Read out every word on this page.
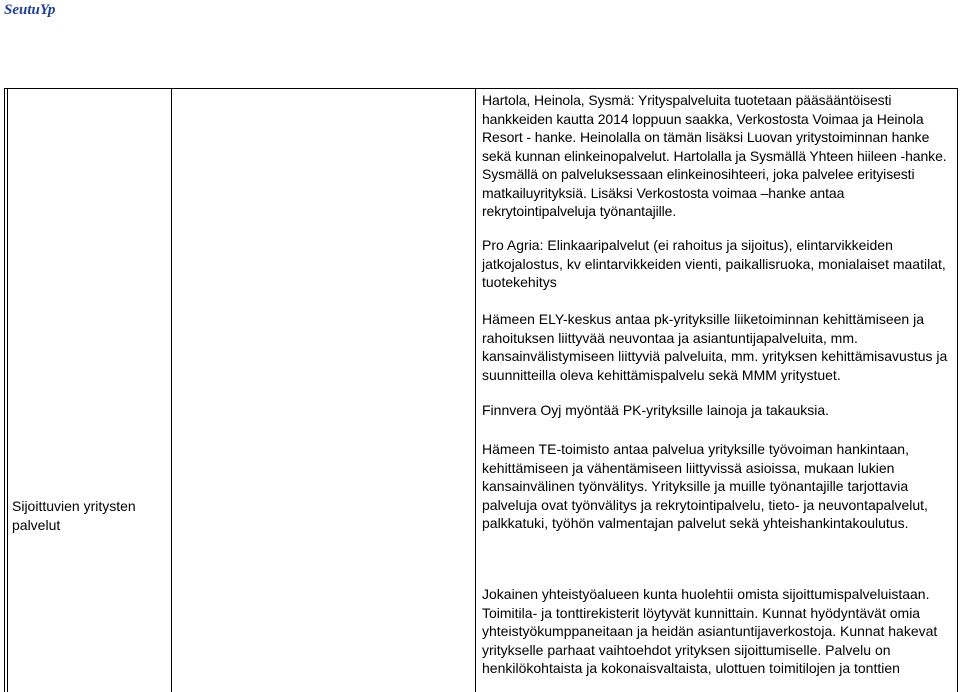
SeutuYp
Sijoittuvien yritysten palvelut

Hartola, Heinola, Sysmä: Yrityspalveluita tuotetaan pääsääntöisesti hankkeiden kautta 2014 loppuun saakka, Verkostosta Voimaa ja Heinola Resort - hanke. Heinolalla on tämän lisäksi Luovan yritystoiminnan hanke sekä kunnan elinkeinopalvelut. Hartolalla ja Sysmällä Yhteen hiileen -hanke. Sysmällä on palveluksessaan elinkeinosihteeri, joka palvelee erityisesti matkailuyrityksiä. Lisäksi Verkostosta voimaa –hanke antaa rekrytointipalveluja työnantajille.

Pro Agria: Elinkaaripalvelut (ei rahoitus ja sijoitus), elintarvikkeiden jatkojalostus, kv elintarvikkeiden vienti, paikallisruoka, monialaiset maatilat, tuotekehitys

Hämeen ELY-keskus antaa pk-yrityksille liiketoiminnan kehittämiseen ja rahoituksen liittyvää neuvontaa ja asiantuntijapalveluita, mm. kansainvälistymiseen liittyviä palveluita, mm. yrityksen kehittämisavustus ja suunnitteilla oleva kehittämispalvelu sekä MMM yritystuet.

Finnvera Oyj myöntää PK-yrityksille lainoja ja takauksia.

Hämeen TE-toimisto antaa palvelua yrityksille työvoiman hankintaan, kehittämiseen ja vähentämiseen liittyvissä asioissa, mukaan lukien kansainvälinen työnvälitys. Yrityksille ja muille työnantajille tarjottavia palveluja ovat työnvälitys ja rekrytointipalvelu, tieto- ja neuvontapalvelut, palkkatuki, työhön valmentajan palvelut sekä yhteishankintakoulutus.

Jokainen yhteistyöalueen kunta huolehtii omista sijoittumispalveluistaan. Toimitila- ja tonttirekisterit löytyvät kunnittain. Kunnat hyödyntävät omia yhteistyökumppaneitaan ja heidän asiantuntijaverkostoja. Kunnat hakevat yritykselle parhaat vaihtoehdot yrityksen sijoittumiselle. Palvelu on henkilökohtaista ja kokonaisvaltaista, ulottuen toimitilojen ja tonttien
